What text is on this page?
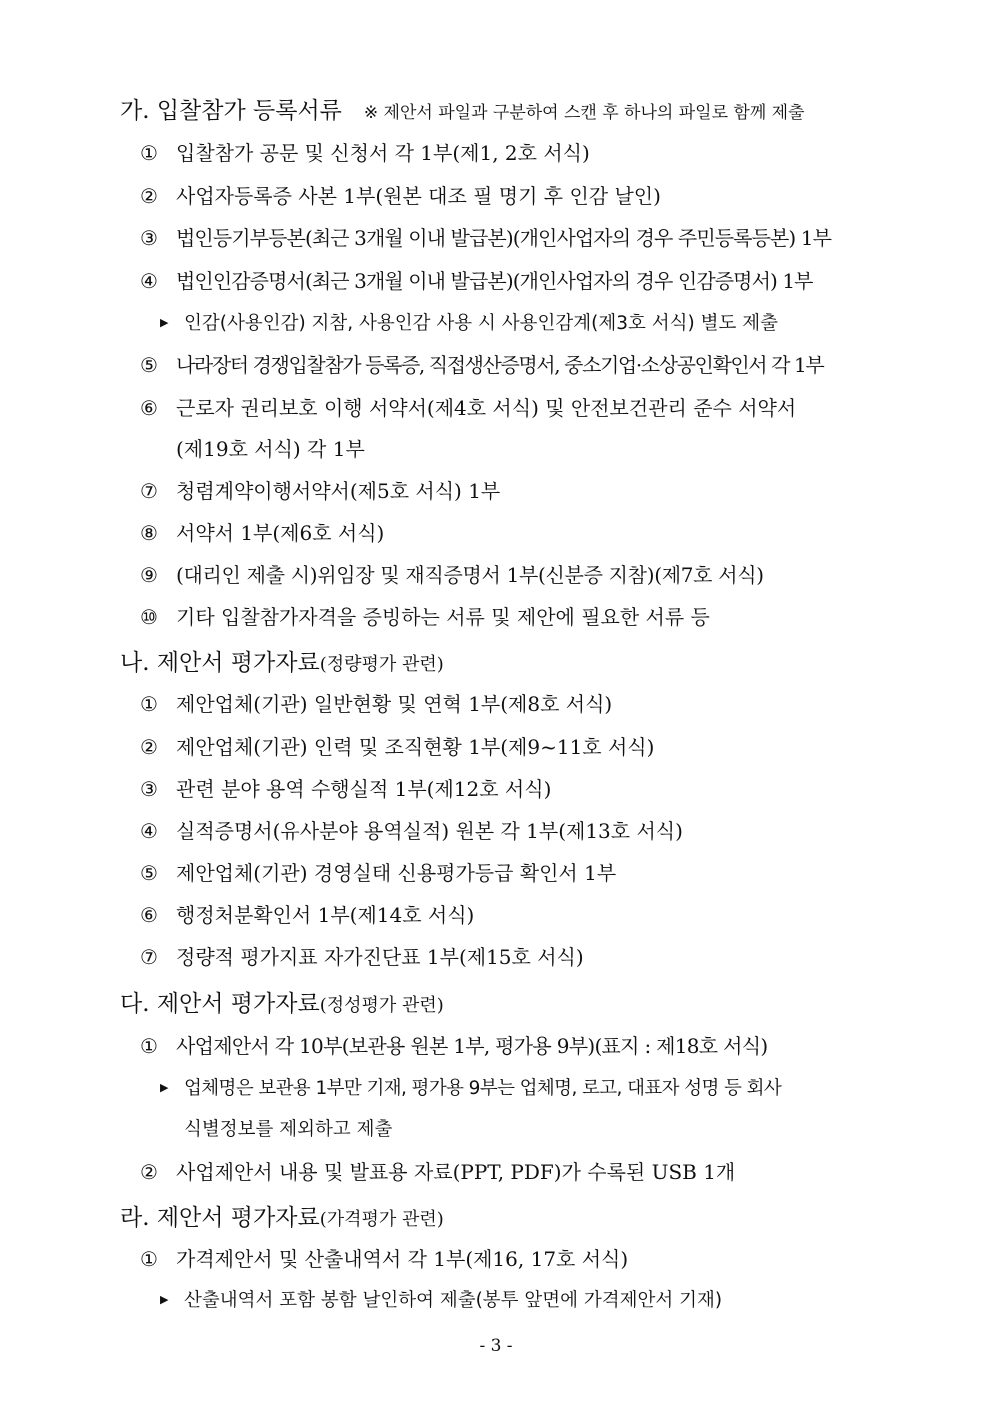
가. 입찰참가 등록서류 ※ 제안서 파일과 구분하여 스캔 후 하나의 파일로 함께 제출
① 입찰참가 공문 및 신청서 각 1부(제1, 2호 서식)
② 사업자등록증 사본 1부(원본 대조 필 명기 후 인감 날인)
③ 법인등기부등본(최근 3개월 이내 발급본)(개인사업자의 경우 주민등록등본) 1부
④ 법인인감증명서(최근 3개월 이내 발급본)(개인사업자의 경우 인감증명서) 1부
▶ 인감(사용인감) 지참, 사용인감 사용 시 사용인감계(제3호 서식) 별도 제출
⑤ 나라장터 경쟁입찰참가 등록증, 직접생산증명서, 중소기업·소상공인확인서 각 1부
⑥ 근로자 권리보호 이행 서약서(제4호 서식) 및 안전보건관리 준수 서약서
(제19호 서식) 각 1부
⑦ 청렴계약이행서약서(제5호 서식) 1부
⑧ 서약서 1부(제6호 서식)
⑨ (대리인 제출 시)위임장 및 재직증명서 1부(신분증 지참)(제7호 서식)
⑩ 기타 입찰참가자격을 증빙하는 서류 및 제안에 필요한 서류 등
나. 제안서 평가자료(정량평가 관련)
① 제안업체(기관) 일반현황 및 연혁 1부(제8호 서식)
② 제안업체(기관) 인력 및 조직현황 1부(제9~11호 서식)
③ 관련 분야 용역 수행실적 1부(제12호 서식)
④ 실적증명서(유사분야 용역실적) 원본 각 1부(제13호 서식)
⑤ 제안업체(기관) 경영실태 신용평가등급 확인서 1부
⑥ 행정처분확인서 1부(제14호 서식)
⑦ 정량적 평가지표 자가진단표 1부(제15호 서식)
다. 제안서 평가자료(정성평가 관련)
① 사업제안서 각 10부(보관용 원본 1부, 평가용 9부)(표지 : 제18호 서식)
▶ 업체명은 보관용 1부만 기재, 평가용 9부는 업체명, 로고, 대표자 성명 등 회사
식별정보를 제외하고 제출
② 사업제안서 내용 및 발표용 자료(PPT, PDF)가 수록된 USB 1개
라. 제안서 평가자료(가격평가 관련)
① 가격제안서 및 산출내역서 각 1부(제16, 17호 서식)
▶ 산출내역서 포함 봉함 날인하여 제출(봉투 앞면에 가격제안서 기재)
- 3 -
